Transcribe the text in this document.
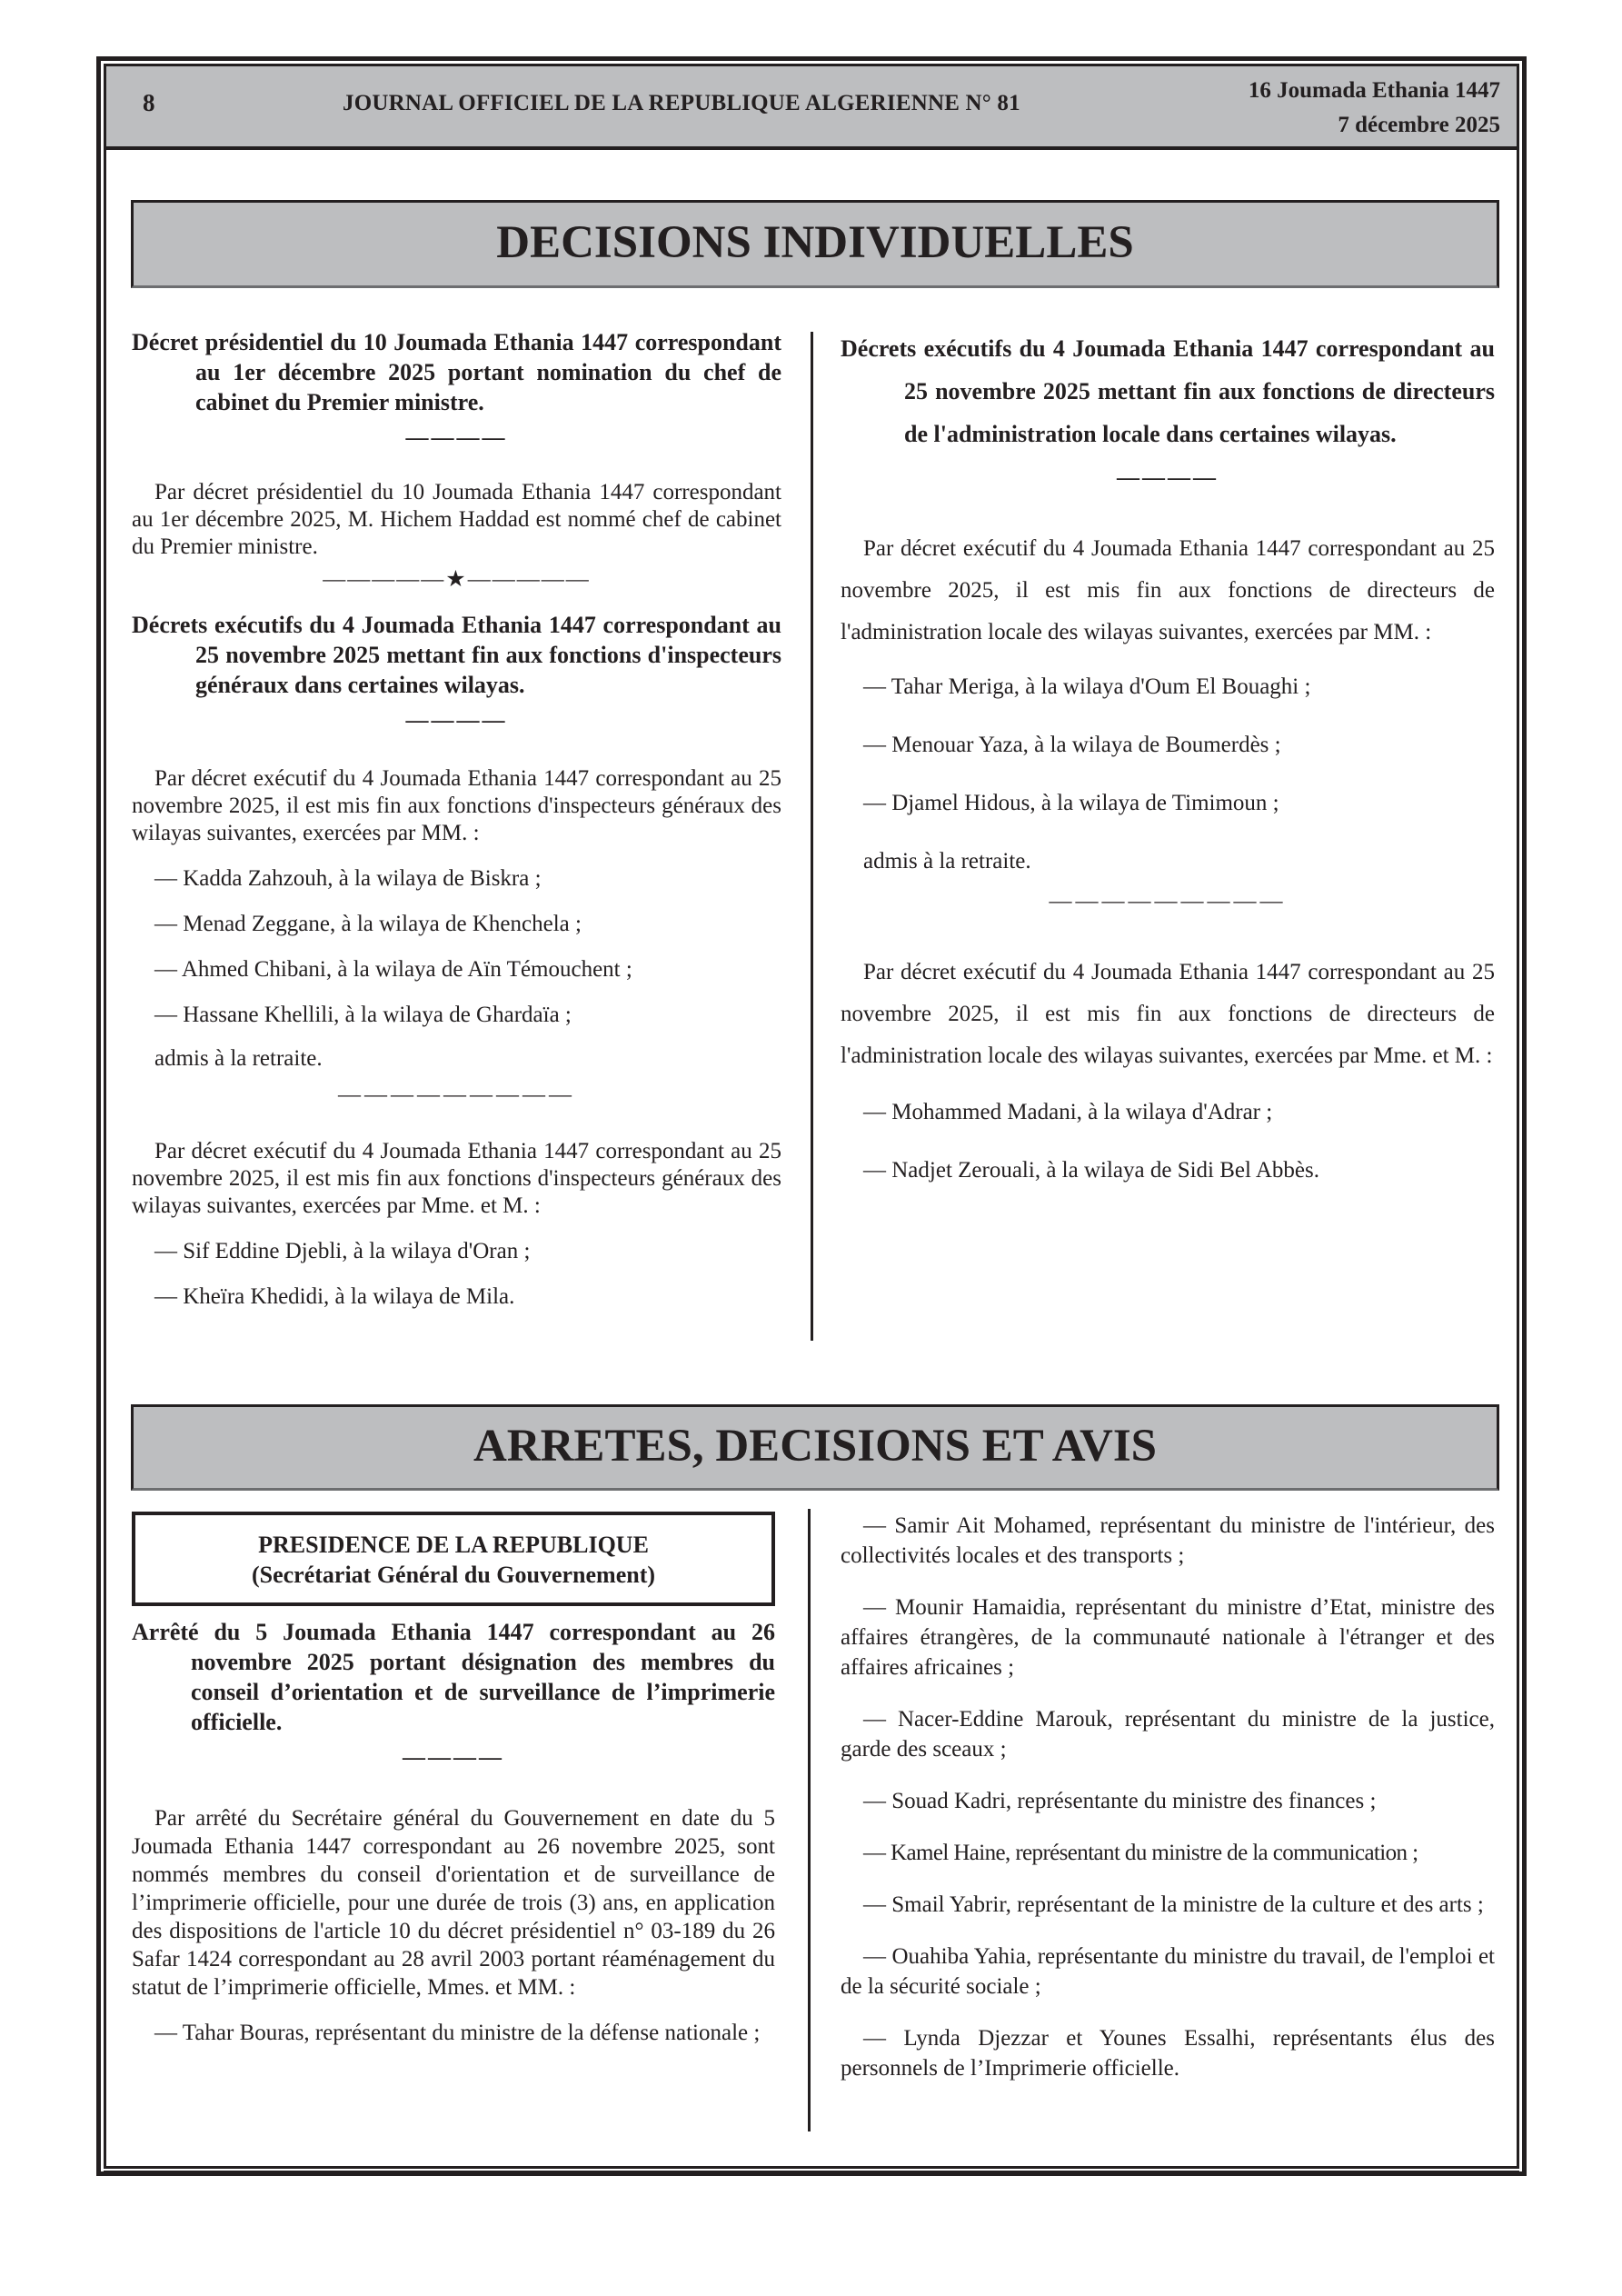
8	JOURNAL OFFICIEL DE LA REPUBLIQUE ALGERIENNE N° 81
16 Joumada Ethania 1447
7 décembre 2025
DECISIONS INDIVIDUELLES
Décret présidentiel du 10 Joumada Ethania 1447 correspondant au 1er décembre 2025 portant nomination du chef de cabinet du Premier ministre.
————
Par décret présidentiel du 10 Joumada Ethania 1447 correspondant au 1er décembre 2025, M. Hichem Haddad est nommé chef de cabinet du Premier ministre.
—————★—————
Décrets exécutifs du 4 Joumada Ethania 1447 correspondant au 25 novembre 2025 mettant fin aux fonctions d'inspecteurs généraux dans certaines wilayas.
————
Par décret exécutif du 4 Joumada Ethania 1447 correspondant au 25 novembre 2025, il est mis fin aux fonctions d'inspecteurs généraux des wilayas suivantes, exercées par MM. :
— Kadda Zahzouh, à la wilaya de Biskra ;
— Menad Zeggane, à la wilaya de Khenchela ;
— Ahmed Chibani, à la wilaya de Aïn Témouchent ;
— Hassane Khellili, à la wilaya de Ghardaïa ;
admis à la retraite.
—————————
Par décret exécutif du 4 Joumada Ethania 1447 correspondant au 25 novembre 2025, il est mis fin aux fonctions d'inspecteurs généraux des wilayas suivantes, exercées par Mme. et M. :
— Sif Eddine Djebli, à la wilaya d'Oran ;
— Kheïra Khedidi, à la wilaya de Mila.
Décrets exécutifs du 4 Joumada Ethania 1447 correspondant au 25 novembre 2025 mettant fin aux fonctions de directeurs de l'administration locale dans certaines wilayas.
————
Par décret exécutif du 4 Joumada Ethania 1447 correspondant au 25 novembre 2025, il est mis fin aux fonctions de directeurs de l'administration locale des wilayas suivantes, exercées par MM. :
— Tahar Meriga, à la wilaya d'Oum El Bouaghi ;
— Menouar Yaza, à la wilaya de Boumerdès ;
— Djamel Hidous, à la wilaya de Timimoun ;
admis à la retraite.
—————————
Par décret exécutif du 4 Joumada Ethania 1447 correspondant au 25 novembre 2025, il est mis fin aux fonctions de directeurs de l'administration locale des wilayas suivantes, exercées par Mme. et M. :
— Mohammed Madani, à la wilaya d'Adrar ;
— Nadjet Zerouali, à la wilaya de Sidi Bel Abbès.
ARRETES, DECISIONS ET AVIS
PRESIDENCE DE LA REPUBLIQUE
(Secrétariat Général du Gouvernement)
Arrêté du 5 Joumada Ethania 1447 correspondant au 26 novembre 2025 portant désignation des membres du conseil d’orientation et de surveillance de l’imprimerie officielle.
————
Par arrêté du Secrétaire général du Gouvernement en date du 5 Joumada Ethania 1447 correspondant au 26 novembre 2025, sont nommés membres du conseil d'orientation et de surveillance de l’imprimerie officielle, pour une durée de trois (3) ans, en application des dispositions de l'article 10 du décret présidentiel n° 03-189 du 26 Safar 1424 correspondant au 28 avril 2003 portant réaménagement du statut de l’imprimerie officielle, Mmes. et MM. :
— Tahar Bouras, représentant du ministre de la défense nationale ;
— Samir Ait Mohamed, représentant du ministre de l'intérieur, des collectivités locales et des transports ;
— Mounir Hamaidia, représentant du ministre d’Etat, ministre des affaires étrangères, de la communauté nationale à l'étranger et des affaires africaines ;
— Nacer-Eddine Marouk, représentant du ministre de la justice, garde des sceaux ;
— Souad Kadri, représentante du ministre des finances ;
— Kamel Haine, représentant du ministre de la communication ;
— Smail Yabrir, représentant de la ministre de la culture et des arts ;
— Ouahiba Yahia, représentante du ministre du travail, de l'emploi et de la sécurité sociale ;
— Lynda Djezzar et Younes Essalhi, représentants élus des personnels de l’Imprimerie officielle.
